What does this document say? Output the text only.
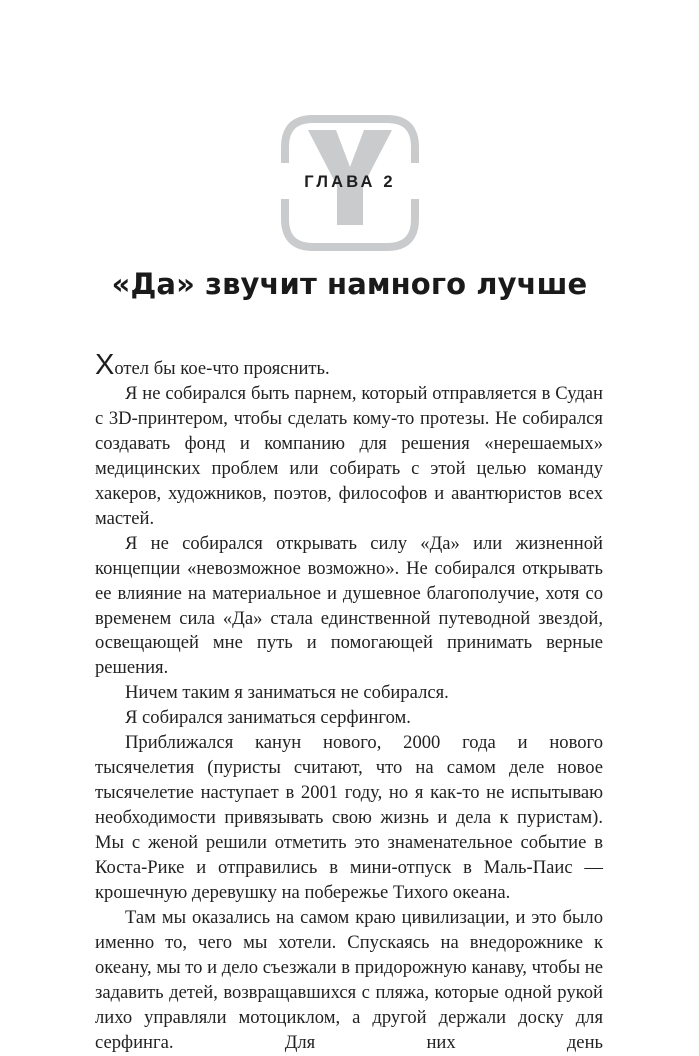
ГЛАВА 2
«Да» звучит намного лучше

Хотел бы кое-что прояснить.

Я не собирался быть парнем, который отправляется в Судан с 3D-принтером, чтобы сделать кому-то протезы. Не собирался создавать фонд и компанию для решения «нерешаемых» медицинских проблем или собирать с этой целью команду хакеров, художников, поэтов, философов и авантюристов всех мастей.

Я не собирался открывать силу «Да» или жизненной концепции «невозможное возможно». Не собирался открывать ее влияние на материальное и душевное благополучие, хотя со временем сила «Да» стала единственной путеводной звездой, освещающей мне путь и помогающей принимать верные решения.

Ничем таким я заниматься не собирался.

Я собирался заниматься серфингом.

Приближался канун нового, 2000 года и нового тысячелетия (пуристы считают, что на самом деле новое тысячелетие наступает в 2001 году, но я как-то не испытываю необходимости привязывать свою жизнь и дела к пуристам). Мы с женой решили отметить это знаменательное событие в Коста-Рике и отправились в мини-отпуск в Маль-Паис — крошечную деревушку на побережье Тихого океана.

Там мы оказались на самом краю цивилизации, и это было именно то, чего мы хотели. Спускаясь на внедорожнике к океану, мы то и дело съезжали в придорожную канаву, чтобы не задавить детей, возвращавшихся с пляжа, которые одной рукой лихо управляли мотоциклом, а другой держали доску для серфинга. Для них день
